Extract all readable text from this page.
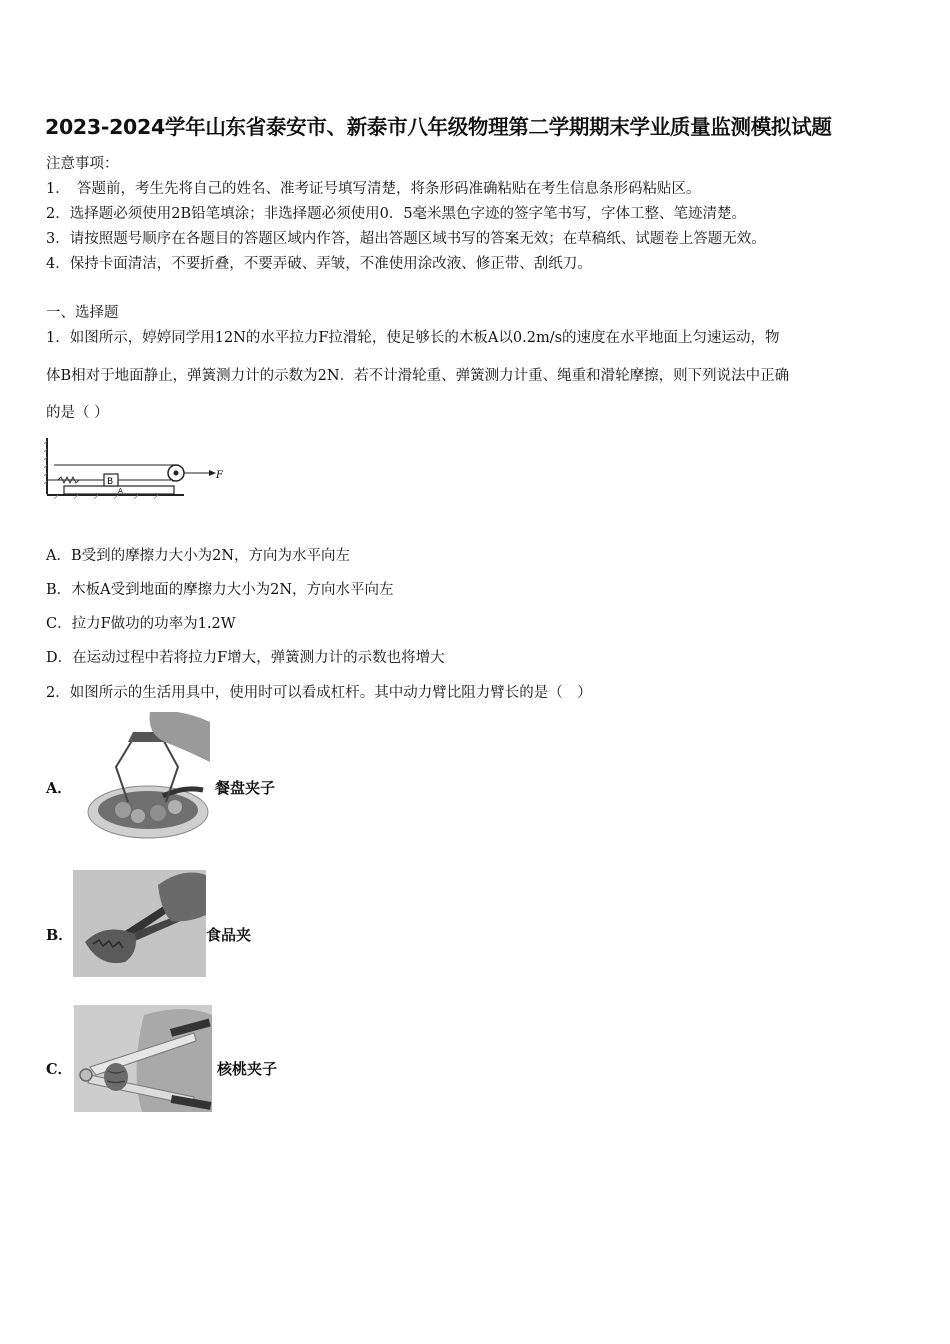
2023-2024学年山东省泰安市、新泰市八年级物理第二学期期末学业质量监测模拟试题
注意事项：
1．　答题前，考生先将自己的姓名、准考证号填写清楚，将条形码准确粘贴在考生信息条形码粘贴区。
2．选择题必须使用2B铅笔填涂；非选择题必须使用0．5毫米黑色字迹的签字笔书写，字体工整、笔迹清楚。
3．请按照题号顺序在各题目的答题区域内作答，超出答题区域书写的答案无效；在草稿纸、试题卷上答题无效。
4．保持卡面清洁，不要折叠，不要弄破、弄皱，不准使用涂改液、修正带、刮纸刀。
一、选择题
1．如图所示，婷婷同学用12N的水平拉力F拉滑轮，使足够长的木板A以0.2m/s的速度在水平地面上匀速运动，物
体B相对于地面静止，弹簧测力计的示数为2N．若不计滑轮重、弹簧测力计重、绳重和滑轮摩擦，则下列说法中正确
的是（ ）
A
B
F
A．B受到的摩擦力大小为2N，方向为水平向左
B．木板A受到地面的摩擦力大小为2N，方向水平向左
C．拉力F做功的功率为1.2W
D．在运动过程中若将拉力F增大，弹簧测力计的示数也将增大
2．如图所示的生活用具中，使用时可以看成杠杆。其中动力臂比阻力臂长的是（　）
A．	餐盘夹子
B．	食品夹
C．	核桃夹子
